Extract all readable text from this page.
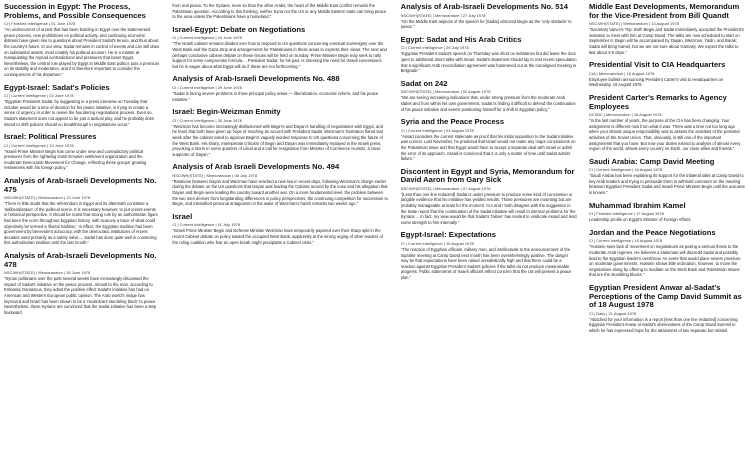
Succession in Egypt: The Process, Problems, and Possible Consequences
CI | Finished Intelligence | 01 June 1978

"An undercurrent of unrest that has been building in Egypt over the statemented peace process, new prohibitions on political activity, and continuing economic distress have given rise to questions about President Sadat's tenure, and thus about the country's future. In our view, Sadat remains in control of events and can still draw on substantial assets, most notably his political acumen. He is a master at manipulating the myriad contradictions and pressures that beset Egypt. Nevertheless, the central role played by Egypt in Middle East politics puts a premium on its stability and moderation, and it is therefore important to consider the consequences of his departure."

Egypt-Israel: Sadat's Policies
CI | Current Intelligence | 02 June 1978

"Egyptian President Sadat, by suggesting in a press interview on Tuesday that October would be a time of decision for his peace initiative, is trying to create a sense of urgency in order to revive the foundering negotiations process. Even so, Sadat's statement does not appear to be just a tactical ploy, and he probably does intend to shift policies should no breakthrough in negotiations occur."

Israel: Political Pressures
CI | Current Intelligence | 10 June 1978

"Israeli Prime Minister Begin has come under new and contradictory political pressures from the rightwing Gush Emunim settlement organization and the moderate Democratic Movement for Change, reflecting these groups' growing restiveness with his foreign policy."

Analysis of Arab-Israeli Developments No. 475
NSC/WH(STATE) | Memorandum | 13 June 1978

"There is little doubt that the referendum in Egypt and its aftermath constitute a 'deliberalization' of the political scene. It is necessary however, to put recent events in historical perspective. It should be noted that strong rule by an authoritarian figure has been the norm throughout Egyptian history, with scarcely a trace of what could objectively be termed a 'liberal tradition.' In effect, the Egyptian tradition has been government by benevolent autocracy, with the democratic institutions of recent decades used primarily as a safety valve.... Sadat has done quite well in countering this authoritarian tradition until the last month."

Analysis of Arab-Israeli Developments No. 478
NSC/WH(STATE) | Memorandum | 18 June 1978

"Syrian politicians over the past several weeks have increasingly discussed the impact of Sadat's initiative on the peace process. Almost to the man, according to Embassy Damascus, they admit the positive effect Sadat's initiative has had on American and Western European public opinion. The Arab world's image has improved and Israel has been shown to be a 'recalcitrant stumbling block' to peace. Nevertheless, these Syrians are convinced that the Sadat initiative has been a step backward

from real peace. To the Syrians, more so than the other Arabs, the heart of the Middle East conflict remains the Palestinian question. According to this thinking, neither Syria nor the US or any Middle Eastern state can bring peace to the area unless the Palestinians have a homeland."

Israel-Egypt: Debate on Negotiations
CI | Current Intelligence | 19 June 1978

"The Israeli cabinet remains divided over how to respond to US questions concerning eventual sovereignty over the West Bank and the Gaza Strip and arrangements for Palestinians in these areas to express their views. The next and perhaps conclusive cabinet debate on these issues will be held on Sunday. Prime Minister Begin may seek to rally support for some compromise formula.... President Sadat, for his part, is stressing the need for Israeli concessions but he is vague about what Egypt will do if these are not forthcoming."

Analysis of Arab-Israeli Developments No. 488
CI | Current Intelligence | 29 June 1978

"Sadat is facing severe problems in three principal policy areas — liberalization, economic reform, and his peace initiative."

Israel: Begin-Weizman Enmity
CI | Current Intelligence | 30 June 1978

"Weizman has become increasingly disillusioned with Begin's and Dayan's handling of negotiations with Egypt, and he fears that both have given up hope of reaching an accord with President Sadat. Weizman's frustration flared last week after the cabinet voted to approve Begin's vaguely worded response to US questions concerning the future of the West Bank. His sharp, intemperate criticism of Begin and Dayan was immediately replayed in the Israeli press, provoking a storm in some quarters of Likud and a call for resignation from Minister of Commerce Hurwitz, a close supporter of Dayan."

Analysis of Arab Israeli Developments No. 494
NSC/WH(STATE) | Memorandum | 06 July 1978

"Relations between Dayan and Weizman have reached a new low in recent days, following Weizman's charge earlier during the debate on the US questions that Dayan was leading the Cabinet around by the nose and his allegation that Dayan and Begin were leading the country toward another war. On a more fundamental level, the problem between the two men derives from longstanding differences in policy perspectives, the continuing competition for succession to Begin, and intensified personal antagonism in the wake of Weizman's harsh remarks two weeks ago."

Israel
CI | Current Intelligence | 11 July 1978

"Israeli Prime Minister Begin and Defense Minister Weizman have temporarily papered over their sharp split in the recent Cabinet debate on policy toward the occupied West Bank, apparently at the strong urging of other leaders of the ruling coalition who fear an open break might precipitate a Cabinet crisis."

Analysis of Arab-Israeli Developments No. 514
NSC/WH(STATE) | Memorandum | 27 July 1978

"On the Middle East aspects of the speech he [Sadat] criticized Begin as the 'only obstacle' to peace."

Egypt: Sadat and His Arab Critics
CI | Current Intelligence | 29 July 1978

"Egyptian President Sadat's speech on Thursday was short on substance but did leave the door open to additional direct talks with Israel. Sadat's statement should lay to rest recent speculation that a significant Arab reconciliation agreement was hammered out at the nonaligned meeting in Belgrade."

Sadat on 242
NSC/WH(STATE) | Memorandum | 02 August 1978

"We are seeing increasing indications that, under strong pressure from the moderate Arab states and from within his own government, Sadat is finding it difficult to defend the continuation of his peace initiative and seems positioning himself for a shift in Egyptian policy."

Syria and the Peace Process
CI | Current Intelligence | 04 August 1978

"Assad considers the current stalemate as proof that his initial opposition to the Sadat initiative was correct. Last November, he predicted that Israel would not make any major concessions on the Palestinian issue and that Egypt would have to accept a separate deal with Israel or admit the error of its approach. Assad is convinced that it is only a matter of time until Sadat admits failure."

Discontent in Egypt and Syria, Memorandum for David Aaron from Gary Sick
NSC/WH(STATE) | Memorandum | 07 August 1978

"[Less than one line redacted] Sadat is under pressure to produce some kind of concession or tangible evidence that his initiative has yielded results. Those pressures are mounting but are probably manageable at least for the moment. CIA and I both disagree with the suggestion in the State report that the continuation of the Sadat initiative will result in internal problems for the Syrians.... In fact, my view would be that Sadat's 'failure' has tended to vindicate Assad and lend some strength to him internally."

Egypt-Israel: Expectations
CI | Current Intelligence | 10 August 1978

"The reaction of Egyptian officials, military men, and intellectuals to the announcement of the tripartite meeting at Camp David next month has been overwhelmingly positive. The danger may be that expectations have been raised unrealistically high and that there could be a reaction against Egyptian President Sadat's policies if the talks do not produce measureable progress. Public statements of Israeli officials reflect concern that the US will present a peace plan."

Middle East Developments, Memorandum for the Vice-President from Bill Quandt
NSC/WH(STATE) | Memorandum | 13 August 1978

"Secretary Vance's Trip: Both Begin and Sadat immediately accepted the President's invitation to meet with him at Camp David. The talks are now scheduled to start on September 6. Begin will be accompanied by Dayan, Weizman, Yadin, and Barak; Sadat will bring Kamel, but we are not sure about Gamasy. We expect the talks to last about 3-5 days."

Presidential Visit to CIA Headquarters
CIA | Memorandum | 16 August 1978

Employee bulletin announcing President Carter's visit to Headquarters on Wednesday, 16 August 1978.

President Carter's Remarks to Agency Employees
DCI/NC | Memorandum | 16 August 1978

"In the last number of years, the purpose of the CIA has been changing. Your assignment is different now from what it was. There was a time not too long ago when your almost unique responsibility was to assess the activities of the potential activities of the Soviet Union. That, obviously, is still one of the important assignments that you have. But now your duties extend to analysis of almost every region of the world, almost every country on Earth, our close allies and friends."

Saudi Arabia: Camp David Meeting
CI | Current Intelligence | 16 August 1978

"Saudi Arabia has been explaining its support for the trilateral talks at Camp David to key Arab leaders and trying to persuade them to withhold comment on the meeting between Egyptian President Sadat and Israeli Prime Minister Begin until the outcome is known."

Muhammad Ibrahim Kamel
CI | Finished Intelligence | 17 August 1978

Leadership profile on Egypt's Minister of Foreign Affairs.

Jordan and the Peace Negotiations
CI | Current Intelligence | 18 August 1978

"Hussein sees lack of movement on negotiations as posing a serious threat to the moderate Arab regimes. He believes a stalemate will discredit Sadat and possibly lead to the Egyptian leader's overthrow. An event that would place severe pressure on moderate governments. Hussein shows little inclination, however, to move the negotiations along by offering to mediate on the West Bank and Palestinian issues that are the stumbling blocks."

Egyptian President Anwar al-Sadat's Perceptions of the Camp David Summit as of 18 August 1978
CI | Daily | 21 August 1978

"Attached for your information is a report [less than one line redacted] concerning Egyptian President Anwar al-Sadat's observations of the Camp David Summit in which he has expressed hope for the attainment of two separate but related
